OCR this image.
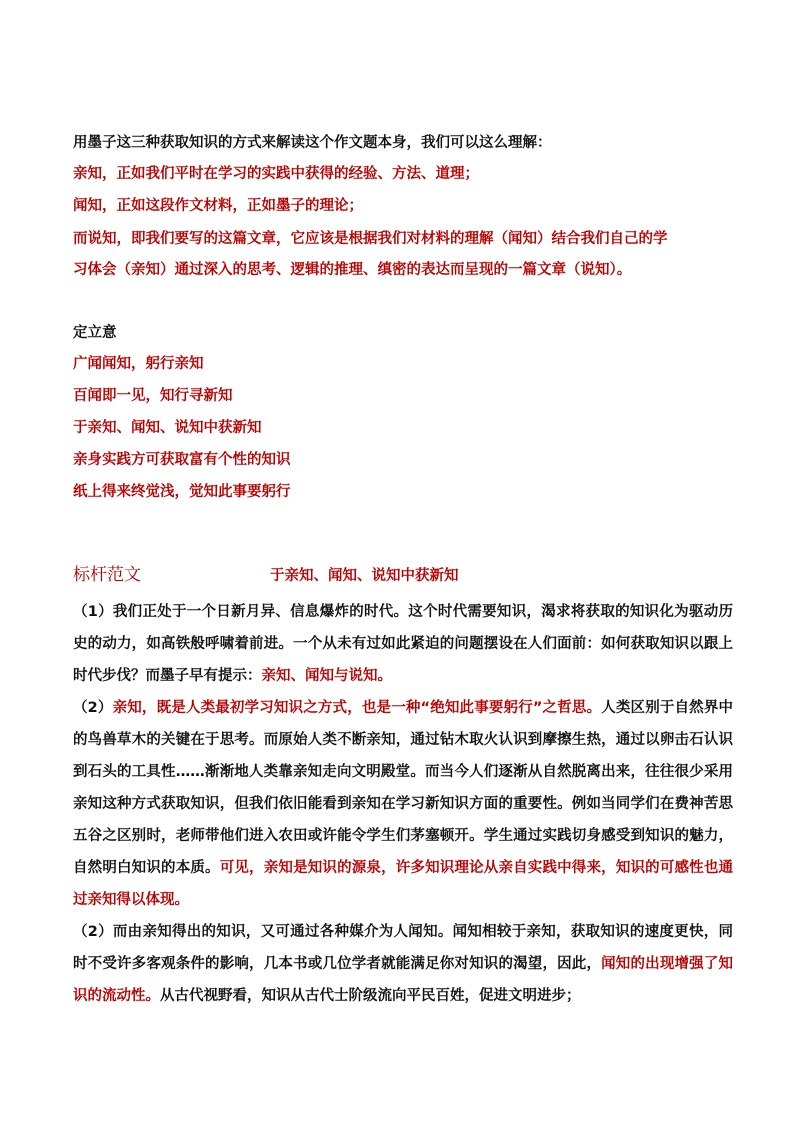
用墨子这三种获取知识的方式来解读这个作文题本身，我们可以这么理解：
亲知，正如我们平时在学习的实践中获得的经验、方法、道理；
闻知，正如这段作文材料，正如墨子的理论；
而说知，即我们要写的这篇文章，它应该是根据我们对材料的理解（闻知）结合我们自己的学
习体会（亲知）通过深入的思考、逻辑的推理、缜密的表达而呈现的一篇文章（说知）。
定立意
广闻闻知，躬行亲知
百闻即一见，知行寻新知
于亲知、闻知、说知中获新知
亲身实践方可获取富有个性的知识
纸上得来终觉浅，觉知此事要躬行
标杆范文	于亲知、闻知、说知中获新知
（1）我们正处于一个日新月异、信息爆炸的时代。这个时代需要知识，渴求将获取的知识化为驱动历史的动力，如高铁般呼啸着前进。一个从未有过如此紧迫的问题摆设在人们面前：如何获取知识以跟上时代步伐？而墨子早有提示：亲知、闻知与说知。
（2）亲知，既是人类最初学习知识之方式，也是一种“绝知此事要躬行”之哲思。人类区别于自然界中的鸟兽草木的关键在于思考。而原始人类不断亲知，通过钻木取火认识到摩擦生热，通过以卵击石认识到石头的工具性……渐渐地人类靠亲知走向文明殿堂。而当今人们逐渐从自然脱离出来，往往很少采用亲知这种方式获取知识，但我们依旧能看到亲知在学习新知识方面的重要性。例如当同学们在费神苦思五谷之区别时，老师带他们进入农田或许能令学生们茅塞顿开。学生通过实践切身感受到知识的魅力，自然明白知识的本质。可见，亲知是知识的源泉，许多知识理论从亲自实践中得来，知识的可感性也通过亲知得以体现。
（2）而由亲知得出的知识，又可通过各种媒介为人闻知。闻知相较于亲知，获取知识的速度更快，同时不受许多客观条件的影响，几本书或几位学者就能满足你对知识的渴望，因此，闻知的出现增强了知识的流动性。从古代视野看，知识从古代士阶级流向平民百姓，促进文明进步；
